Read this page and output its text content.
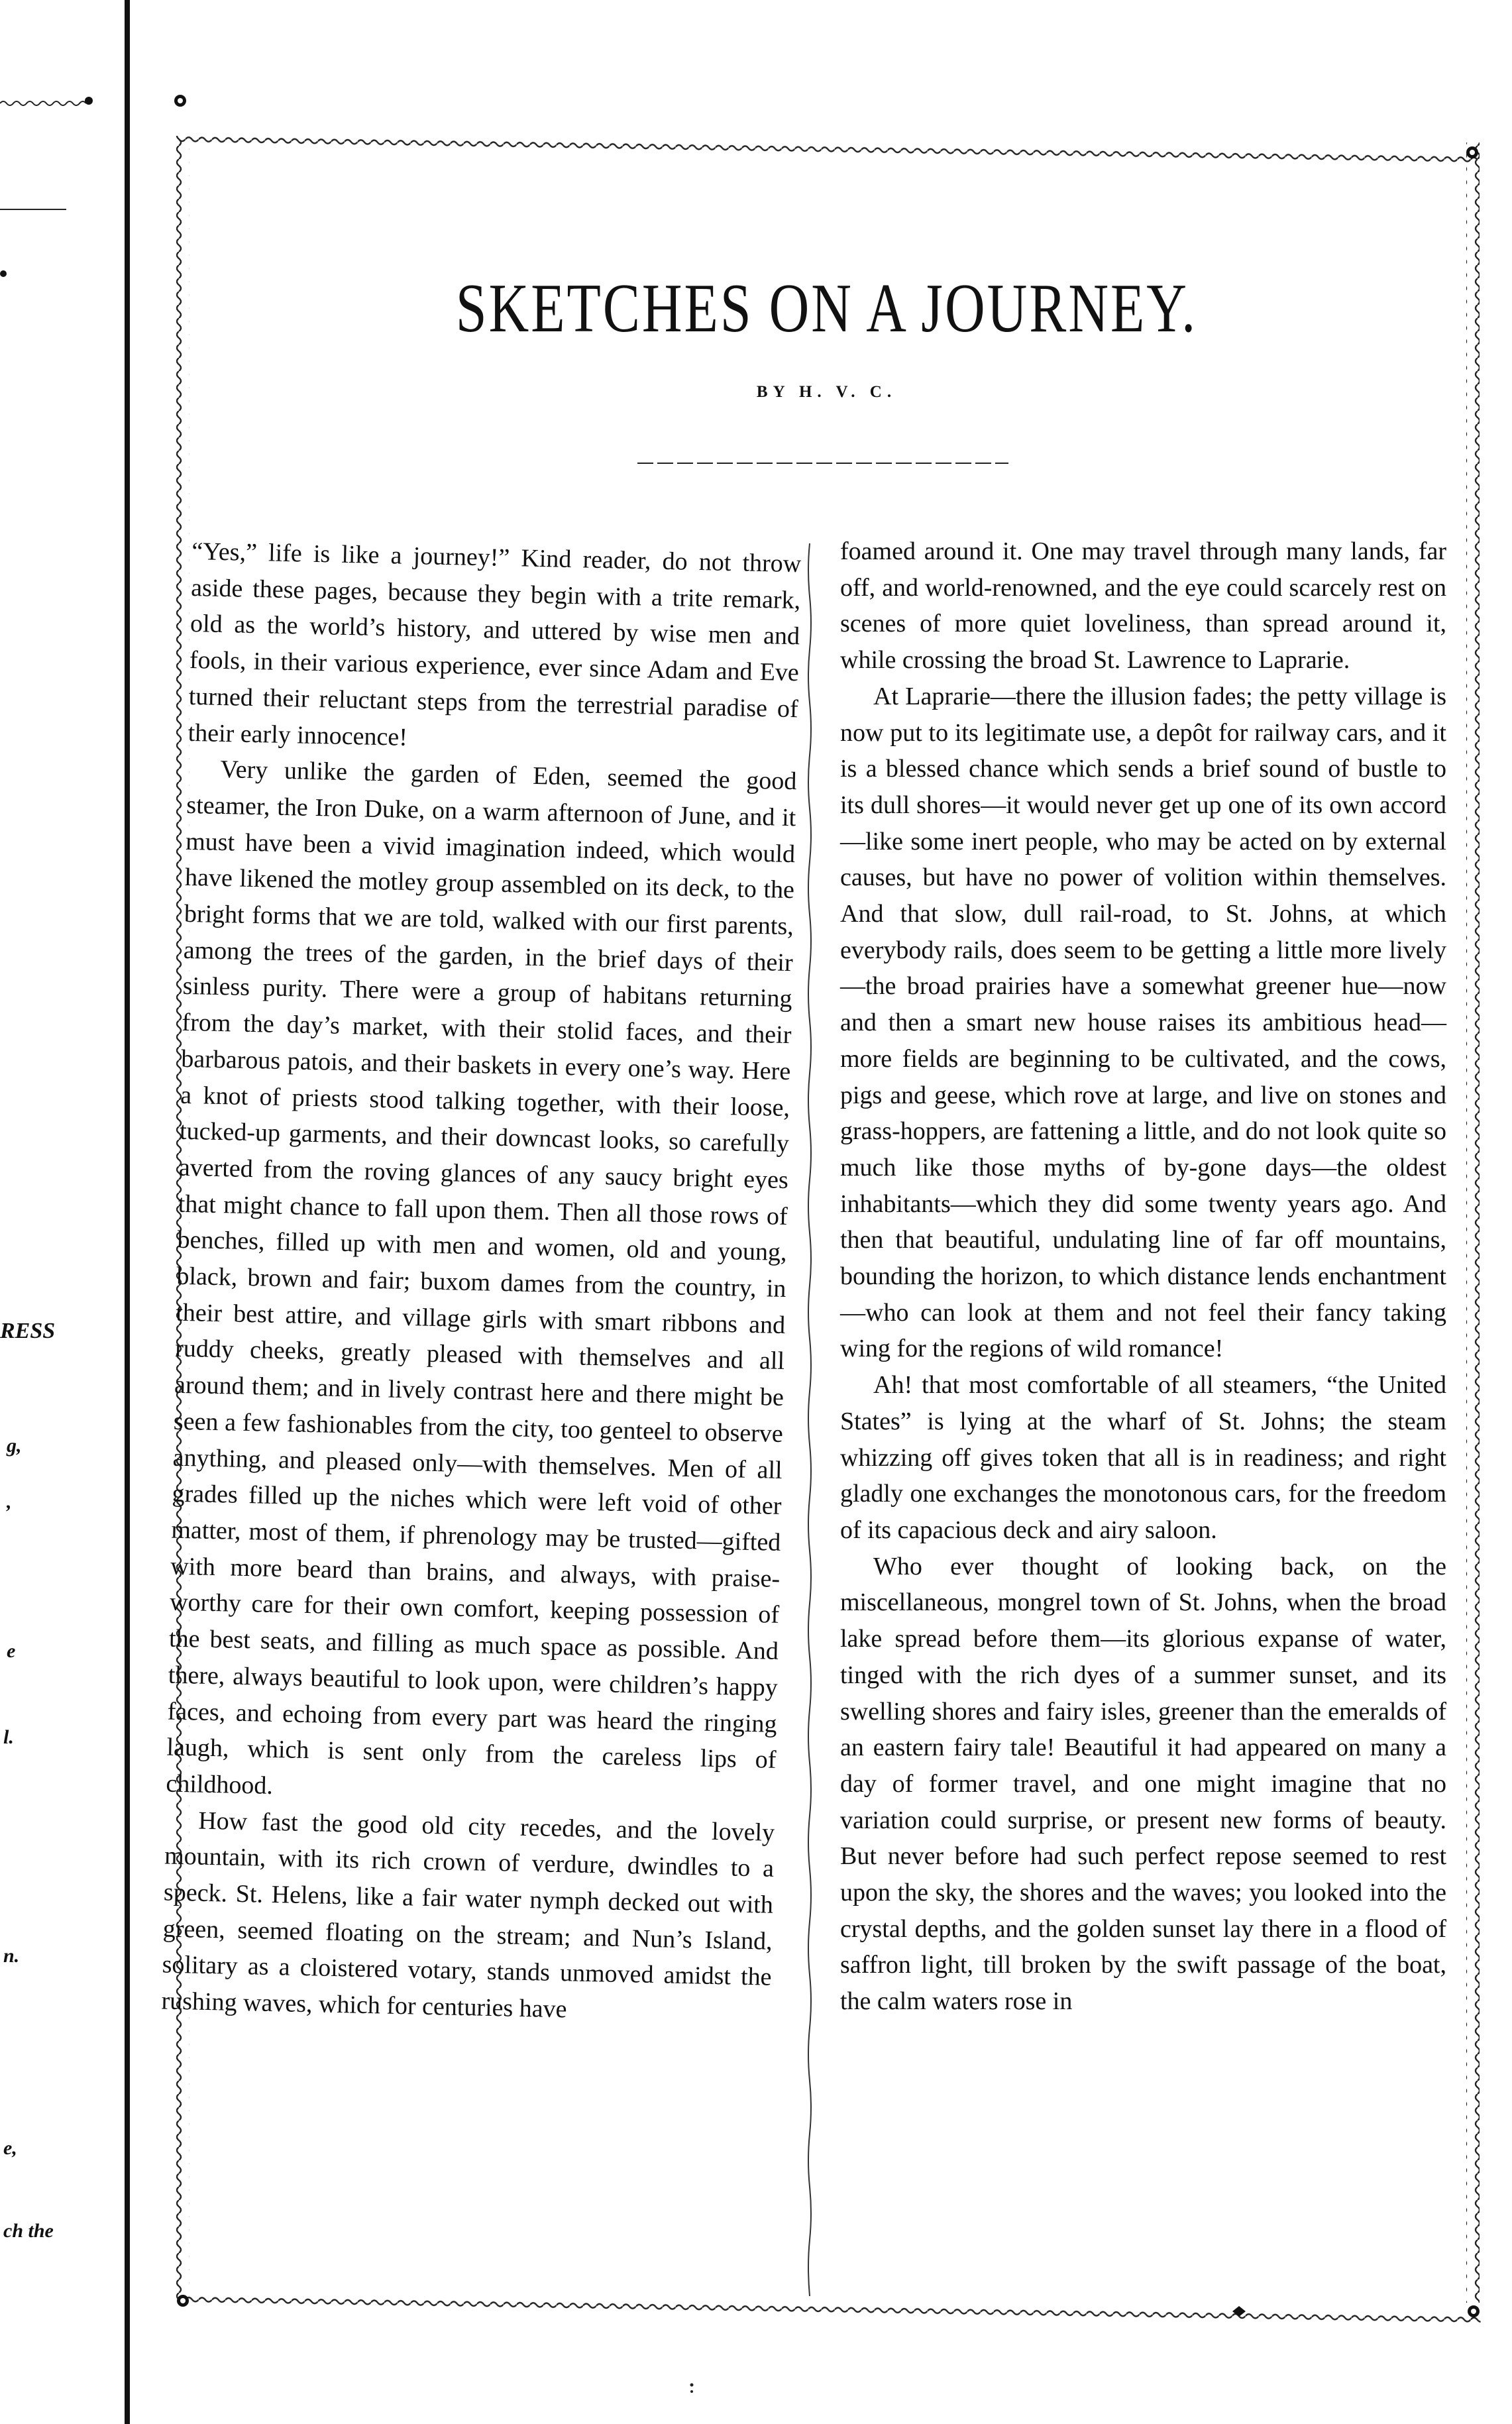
RESS
g,
,
e
l.
n.
e,
ch the
SKETCHES ON A JOURNEY.
BY H. V. C.

“Yes,” life is like a journey!” Kind reader, do not throw aside these pages, because they begin with a trite remark, old as the world’s history, and uttered by wise men and fools, in their various experience, ever since Adam and Eve turned their reluctant steps from the terrestrial paradise of their early innocence!

Very unlike the garden of Eden, seemed the good steamer, the Iron Duke, on a warm afternoon of June, and it must have been a vivid imagination indeed, which would have likened the motley group assembled on its deck, to the bright forms that we are told, walked with our first parents, among the trees of the garden, in the brief days of their sinless purity. There were a group of habitans returning from the day’s market, with their stolid faces, and their barbarous patois, and their baskets in every one’s way. Here a knot of priests stood talking together, with their loose, tucked-up garments, and their downcast looks, so carefully averted from the roving glances of any saucy bright eyes that might chance to fall upon them. Then all those rows of benches, filled up with men and women, old and young, black, brown and fair; buxom dames from the country, in their best attire, and village girls with smart ribbons and ruddy cheeks, greatly pleased with themselves and all around them; and in lively contrast here and there might be seen a few fashionables from the city, too genteel to observe anything, and pleased only—with themselves. Men of all grades filled up the niches which were left void of other matter, most of them, if phrenology may be trusted—gifted with more beard than brains, and always, with praise-worthy care for their own comfort, keeping possession of the best seats, and filling as much space as possible. And there, always beautiful to look upon, were children’s happy faces, and echoing from every part was heard the ringing laugh, which is sent only from the careless lips of childhood.

How fast the good old city recedes, and the lovely mountain, with its rich crown of verdure, dwindles to a speck. St. Helens, like a fair water nymph decked out with green, seemed floating on the stream; and Nun’s Island, solitary as a cloistered votary, stands unmoved amidst the rushing waves, which for centuries have

foamed around it. One may travel through many lands, far off, and world-renowned, and the eye could scarcely rest on scenes of more quiet loveliness, than spread around it, while crossing the broad St. Lawrence to Laprarie.

At Laprarie—there the illusion fades; the petty village is now put to its legitimate use, a depôt for railway cars, and it is a blessed chance which sends a brief sound of bustle to its dull shores—it would never get up one of its own accord—like some inert people, who may be acted on by external causes, but have no power of volition within themselves. And that slow, dull rail-road, to St. Johns, at which everybody rails, does seem to be getting a little more lively—the broad prairies have a somewhat greener hue—now and then a smart new house raises its ambitious head—more fields are beginning to be cultivated, and the cows, pigs and geese, which rove at large, and live on stones and grass-hoppers, are fattening a little, and do not look quite so much like those myths of by-gone days—the oldest inhabitants—which they did some twenty years ago. And then that beautiful, undulating line of far off mountains, bounding the horizon, to which distance lends enchantment—who can look at them and not feel their fancy taking wing for the regions of wild romance!

Ah! that most comfortable of all steamers, “the United States” is lying at the wharf of St. Johns; the steam whizzing off gives token that all is in readiness; and right gladly one exchanges the monotonous cars, for the freedom of its capacious deck and airy saloon.

Who ever thought of looking back, on the miscellaneous, mongrel town of St. Johns, when the broad lake spread before them—its glorious expanse of water, tinged with the rich dyes of a summer sunset, and its swelling shores and fairy isles, greener than the emeralds of an eastern fairy tale! Beautiful it had appeared on many a day of former travel, and one might imagine that no variation could surprise, or present new forms of beauty. But never before had such perfect repose seemed to rest upon the sky, the shores and the waves; you looked into the crystal depths, and the golden sunset lay there in a flood of saffron light, till broken by the swift passage of the boat, the calm waters rose in
